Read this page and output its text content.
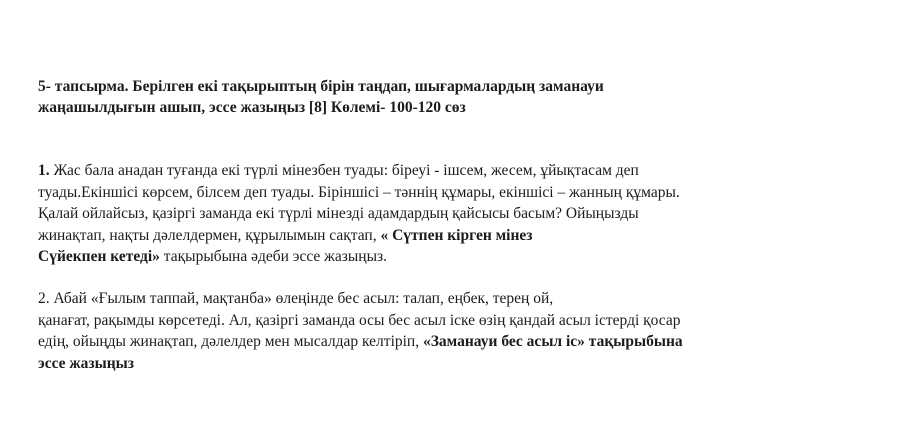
5- тапсырма. Берілген екі тақырыптың бірін таңдап, шығармалардың заманауи
жаңашылдығын ашып, эссе жазыңыз [8] Көлемі- 100-120 сөз

1. Жас бала анадан туғанда екі түрлі мінезбен туады: біреуі - ішсем, жесем, ұйықтасам деп
туады.Екіншісі көрсем, білсем деп туады. Біріншісі – тәннің құмары, екіншісі – жанның құмары.
Қалай ойлайсыз, қазіргі заманда екі түрлі мінезді адамдардың қайсысы басым? Ойыңызды
жинақтап, нақты дәлелдермен, құрылымын сақтап, « Сүтпен кірген мінез
Сүйекпен кетеді» тақырыбына әдеби эссе жазыңыз.

2. Абай «Ғылым таппай, мақтанба» өлеңінде бес асыл: талап, еңбек, терең ой,
қанағат, рақымды көрсетеді. Ал, қазіргі заманда осы бес асыл іске өзің қандай асыл істерді қосар
едің, ойыңды жинақтап, дәлелдер мен мысалдар келтіріп, «Заманауи бес асыл іс» тақырыбына
эссе жазыңыз
